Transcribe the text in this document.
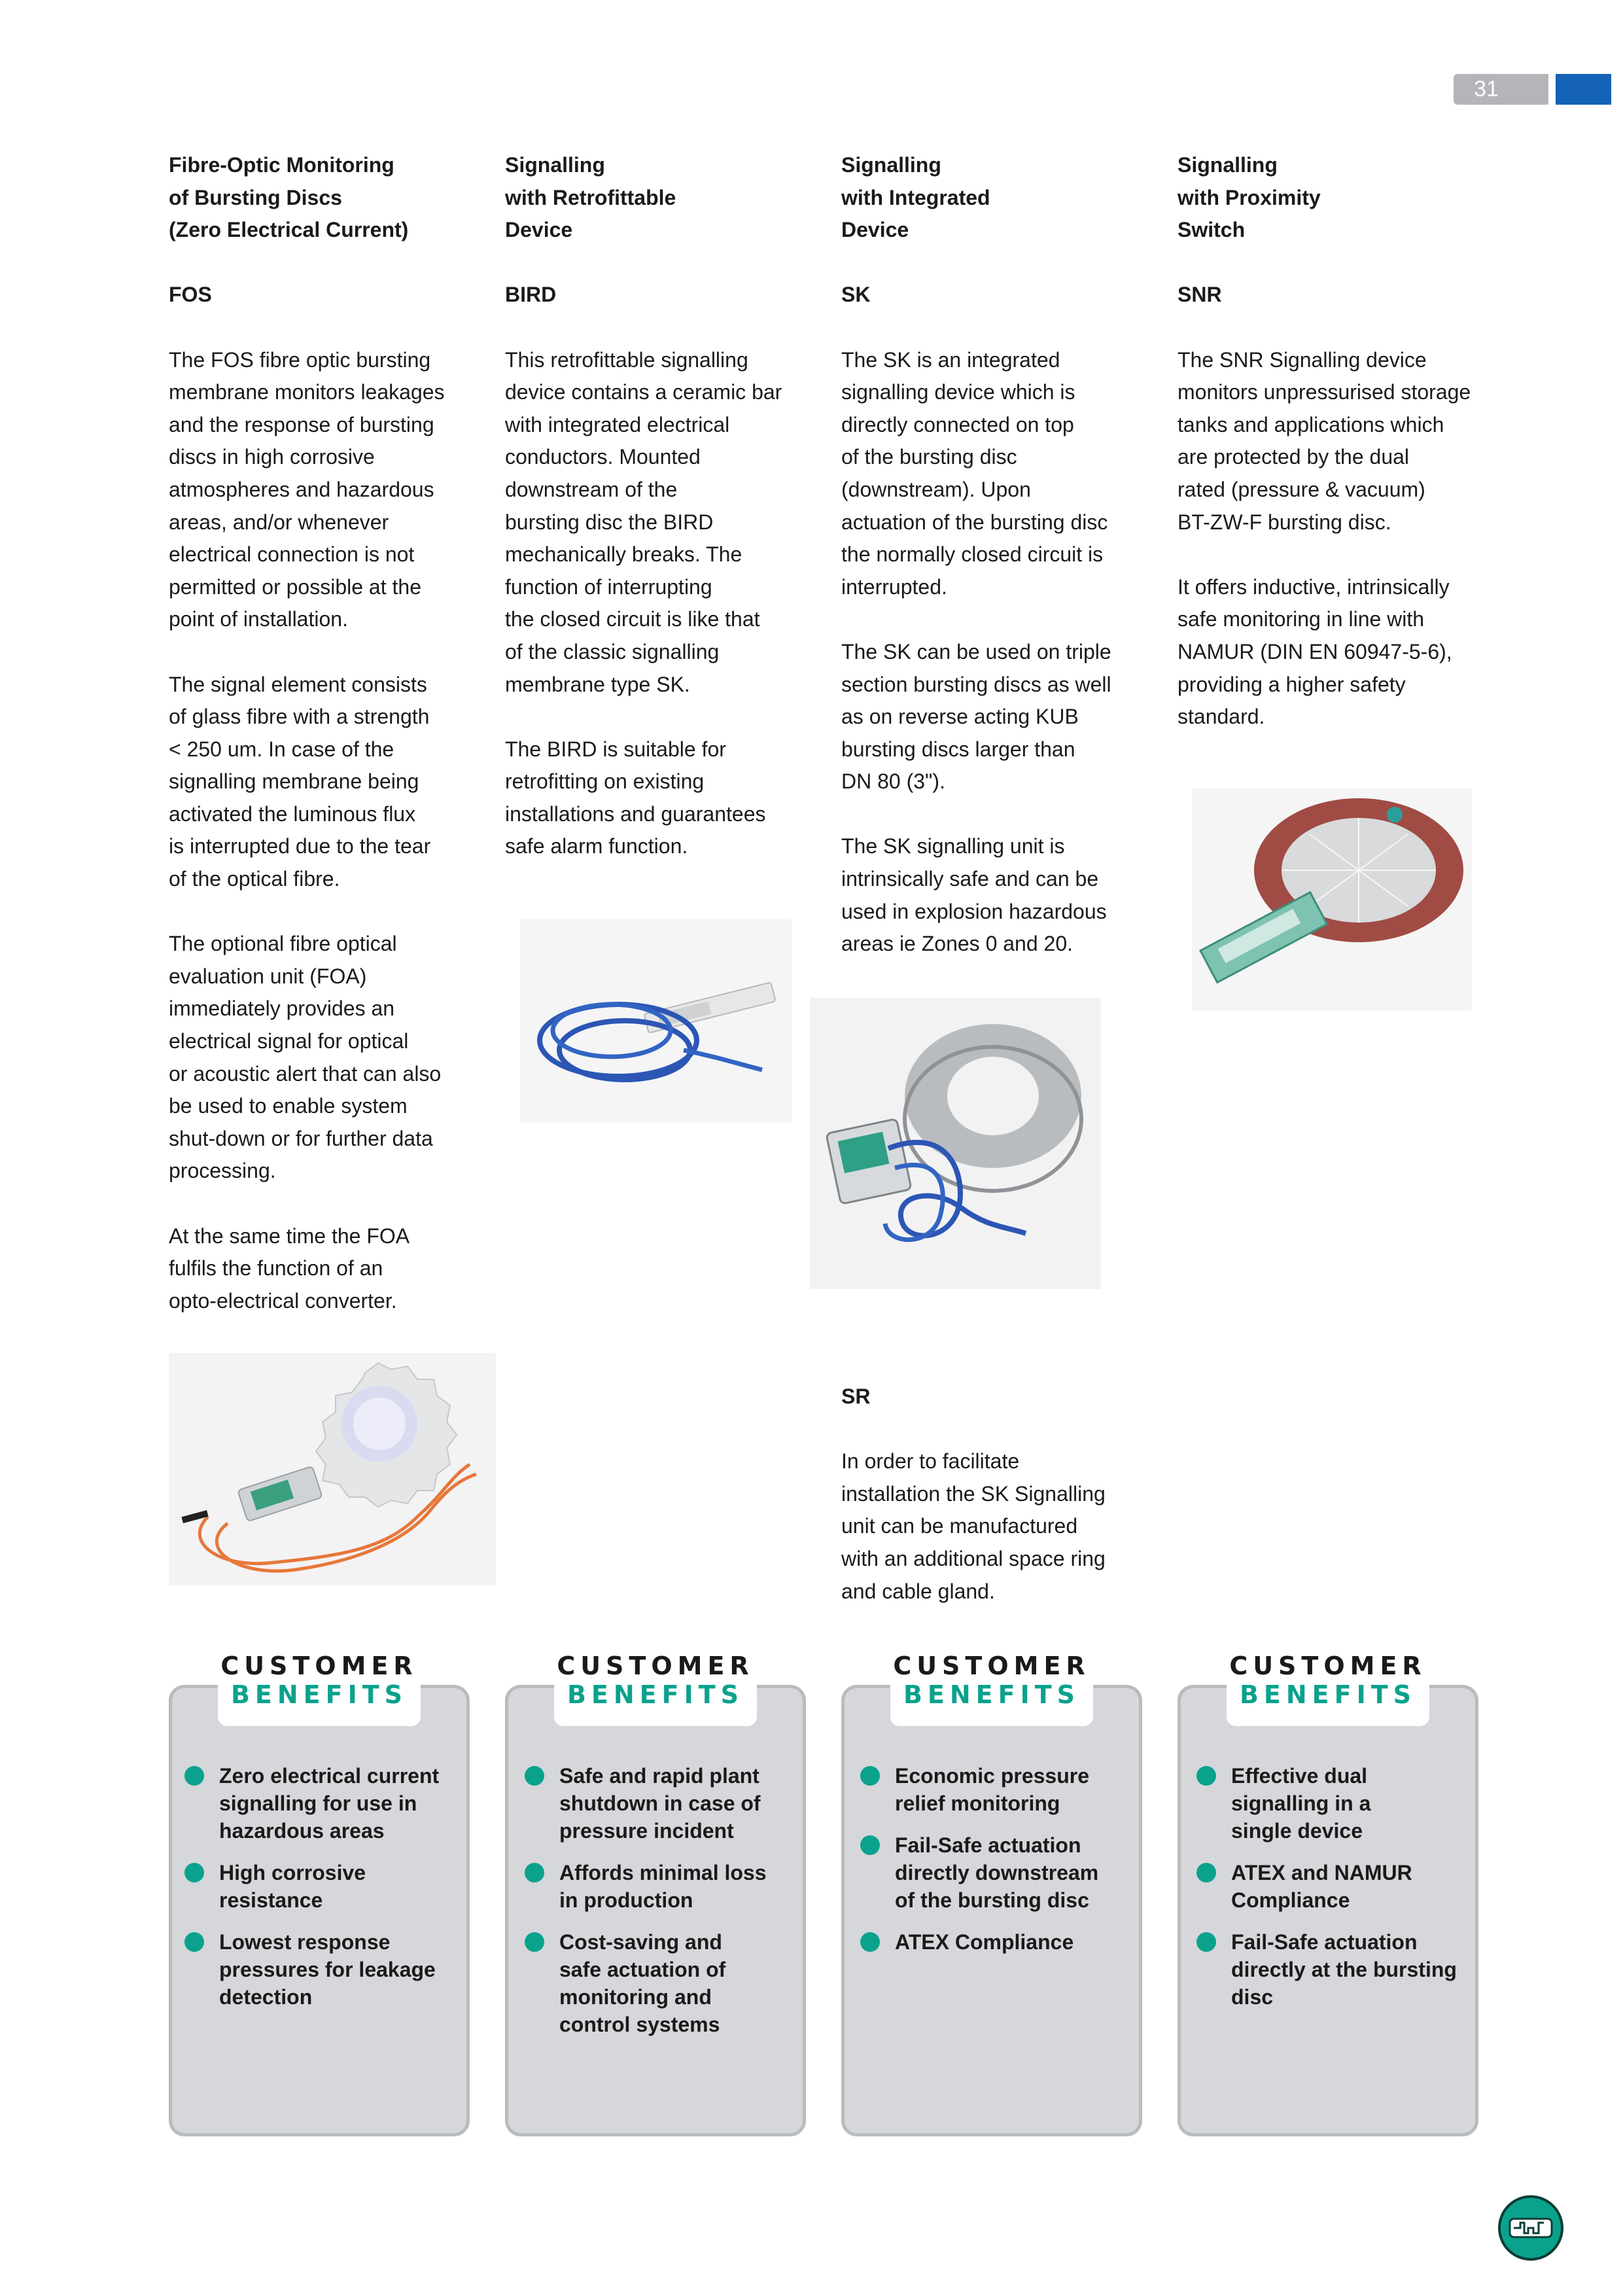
31

Fibre-Optic Monitoring
of Bursting Discs
(Zero Electrical Current)

FOS

The FOS fibre optic bursting
membrane monitors leakages
and the response of bursting
discs in high corrosive
atmospheres and hazardous
areas, and/or whenever
electrical connection is not
permitted or possible at the
point of installation.

The signal element consists
of glass fibre with a strength
< 250 um. In case of the
signalling membrane being
activated the luminous flux
is interrupted due to the tear
of the optical fibre.

The optional fibre optical
evaluation unit (FOA)
immediately provides an
electrical signal for optical
or acoustic alert that can also
be used to enable system
shut-down or for further data
processing.

At the same time the FOA
fulfils the function of an
opto-electrical converter.

Signalling
with Retrofittable
Device

BIRD

This retrofittable signalling
device contains a ceramic bar
with integrated electrical
conductors. Mounted
downstream of the
bursting disc the BIRD
mechanically breaks. The
function of interrupting
the closed circuit is like that
of the classic signalling
membrane type SK.

The BIRD is suitable for
retrofitting on existing
installations and guarantees
safe alarm function.

Signalling
with Integrated
Device

SK

The SK is an integrated
signalling device which is
directly connected on top
of the bursting disc
(downstream). Upon
actuation of the bursting disc
the normally closed circuit is
interrupted.

The SK can be used on triple
section bursting discs as well
as on reverse acting KUB
bursting discs larger than
DN 80 (3").

The SK signalling unit is
intrinsically safe and can be
used in explosion hazardous
areas ie Zones 0 and 20.

Signalling
with Proximity
Switch

SNR

The SNR Signalling device
monitors unpressurised storage
tanks and applications which
are protected by the dual
rated (pressure & vacuum)
BT-ZW-F bursting disc.

It offers inductive, intrinsically
safe monitoring in line with
NAMUR (DIN EN 60947-5-6),
providing a higher safety
standard.

SR

In order to facilitate
installation the SK Signalling
unit can be manufactured
with an additional space ring
and cable gland.

CUSTOMER
BENEFITS
Zero electrical current
signalling for use in
hazardous areas
High corrosive
resistance
Lowest response
pressures for leakage
detection
CUSTOMER
BENEFITS
Safe and rapid plant
shutdown in case of
pressure incident
Affords minimal loss
in production
Cost-saving and
safe actuation of
monitoring and
control systems
CUSTOMER
BENEFITS
Economic pressure
relief monitoring
Fail-Safe actuation
directly downstream
of the bursting disc
ATEX Compliance
CUSTOMER
BENEFITS
Effective dual
signalling in a
single device
ATEX and NAMUR
Compliance
Fail-Safe actuation
directly at the bursting
disc
